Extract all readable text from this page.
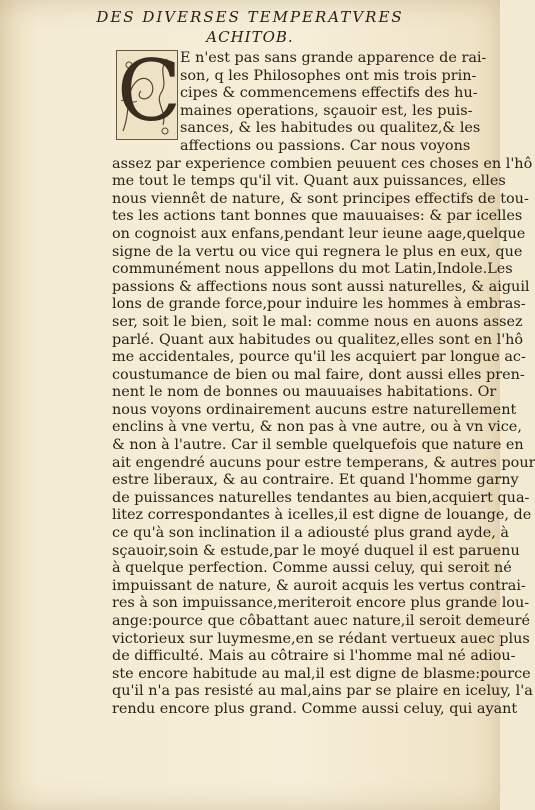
DES DIVERSES TEMPERATVRES
ACHITOB.
C
E n'est pas sans grande apparence de rai-
son, q les Philosophes ont mis trois prin-
cipes & commencemens effectifs des hu-
maines operations, sçauoir est, les puis-
sances, & les habitudes ou qualitez,& les
affections ou passions. Car nous voyons
assez par experience combien peuuent ces choses en l'hô
me tout le temps qu'il vit. Quant aux puissances, elles
nous viennêt de nature, & sont principes effectifs de tou-
tes les actions tant bonnes que mauuaises: & par icelles
on cognoist aux enfans,pendant leur ieune aage,quelque
signe de la vertu ou vice qui regnera le plus en eux, que
communément nous appellons du mot Latin,Indole.Les
passions & affections nous sont aussi naturelles, & aiguil
lons de grande force,pour induire les hommes à embras-
ser, soit le bien, soit le mal: comme nous en auons assez
parlé. Quant aux habitudes ou qualitez,elles sont en l'hô
me accidentales, pource qu'il les acquiert par longue ac-
coustumance de bien ou mal faire, dont aussi elles pren-
nent le nom de bonnes ou mauuaises habitations. Or
nous voyons ordinairement aucuns estre naturellement
enclins à vne vertu, & non pas à vne autre, ou à vn vice,
& non à l'autre. Car il semble quelquefois que nature en
ait engendré aucuns pour estre temperans, & autres pour
estre liberaux, & au contraire. Et quand l'homme garny
de puissances naturelles tendantes au bien,acquiert qua-
litez correspondantes à icelles,il est digne de louange, de
ce qu'à son inclination il a adiousté plus grand ayde, à
sçauoir,soin & estude,par le moyé duquel il est paruenu
à quelque perfection. Comme aussi celuy, qui seroit né
impuissant de nature, & auroit acquis les vertus contrai-
res à son impuissance,meriteroit encore plus grande lou-
ange:pource que côbattant auec nature,il seroit demeuré
victorieux sur luymesme,en se rédant vertueux auec plus
de difficulté. Mais au côtraire si l'homme mal né adiou-
ste encore habitude au mal,il est digne de blasme:pource
qu'il n'a pas resisté au mal,ains par se plaire en iceluy, l'a
rendu encore plus grand. Comme aussi celuy, qui ayant
